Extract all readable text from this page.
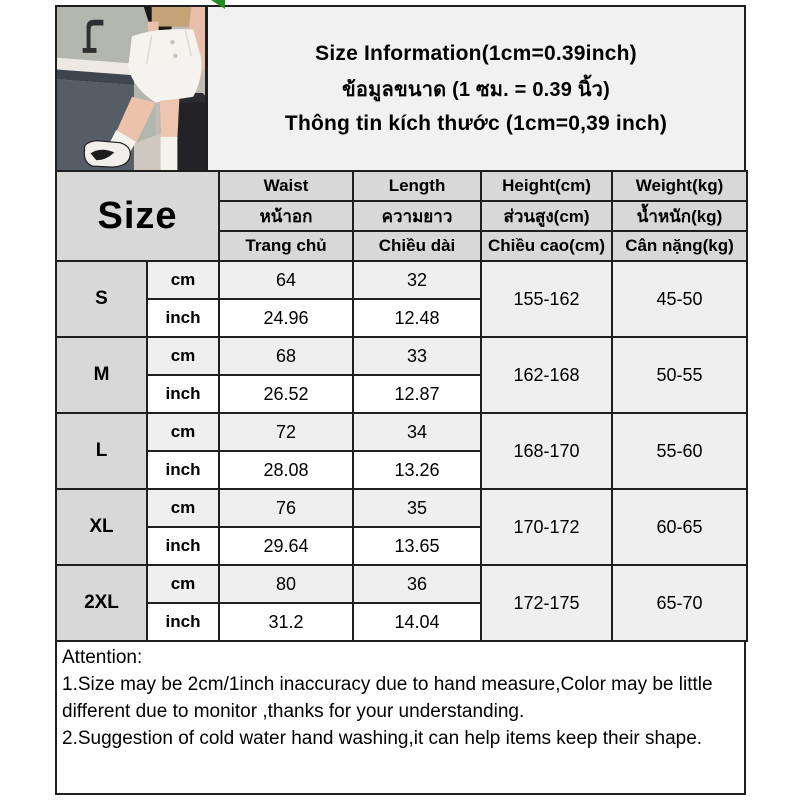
Size Information(1cm=0.39inch)
ข้อมูลขนาด (1 ซม. = 0.39 นิ้ว)
Thông tin kích thước (1cm=0,39 inch)
Size		Waist	Length	Height(cm)	Weight(kg)
		หน้าอก	ความยาว	ส่วนสูง(cm)	น้ำหนัก(kg)
		Trang chủ	Chiều dài	Chiều cao(cm)	Cân nặng(kg)
S	cm	64	32	155-162	45-50
	inch	24.96	12.48		
M	cm	68	33	162-168	50-55
	inch	26.52	12.87		
L	cm	72	34	168-170	55-60
	inch	28.08	13.26		
XL	cm	76	35	170-172	60-65
	inch	29.64	13.65		
2XL	cm	80	36	172-175	65-70
	inch	31.2	14.04		
Attention:
1.Size may be 2cm/1inch inaccuracy due to hand measure,Color may be little different due to monitor ,thanks for your understanding.
2.Suggestion of cold water hand washing,it can help items keep their shape.
